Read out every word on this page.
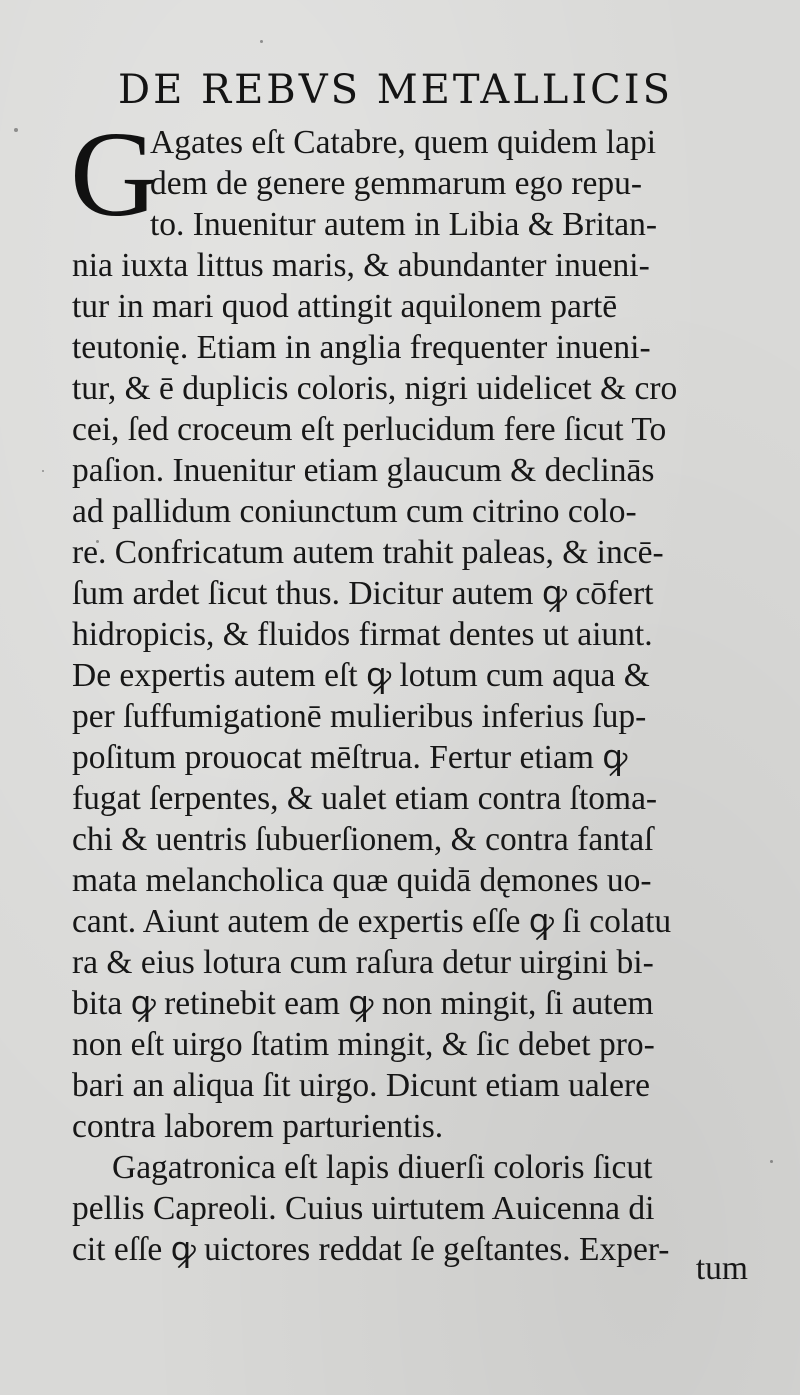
DE REBVS METALLICIS
G
Agates eſt Catabre, quem quidem lapi
dem de genere gemmarum ego repu-
to. Inuenitur autem in Libia & Britan-
nia iuxta littus maris, & abundanter inueni-
tur in mari quod attingit aquilonem partē
teutonię. Etiam in anglia frequenter inueni-
tur, & ē duplicis coloris, nigri uidelicet & cro
cei, ſed croceum eſt perlucidum fere ſicut To
paſion. Inuenitur etiam glaucum & declinās
ad pallidum coniunctum cum citrino colo-
re. Confricatum autem trahit paleas, & incē-
ſum ardet ſicut thus. Dicitur autem ꝙ cōfert
hidropicis, & fluidos firmat dentes ut aiunt.
De expertis autem eſt ꝙ lotum cum aqua &
per ſuffumigationē mulieribus inferius ſup-
poſitum prouocat mēſtrua. Fertur etiam ꝙ
fugat ſerpentes, & ualet etiam contra ſtoma-
chi & uentris ſubuerſionem, & contra fantaſ
mata melancholica quæ quidā dęmones uo-
cant. Aiunt autem de expertis eſſe ꝙ ſi colatu
ra & eius lotura cum raſura detur uirgini bi-
bita ꝙ retinebit eam ꝙ non mingit, ſi autem
non eſt uirgo ſtatim mingit, & ſic debet pro-
bari an aliqua ſit uirgo. Dicunt etiam ualere
contra laborem parturientis.
Gagatronica eſt lapis diuerſi coloris ſicut
pellis Capreoli. Cuius uirtutem Auicenna di
cit eſſe ꝙ uictores reddat ſe geſtantes. Exper-
tum
